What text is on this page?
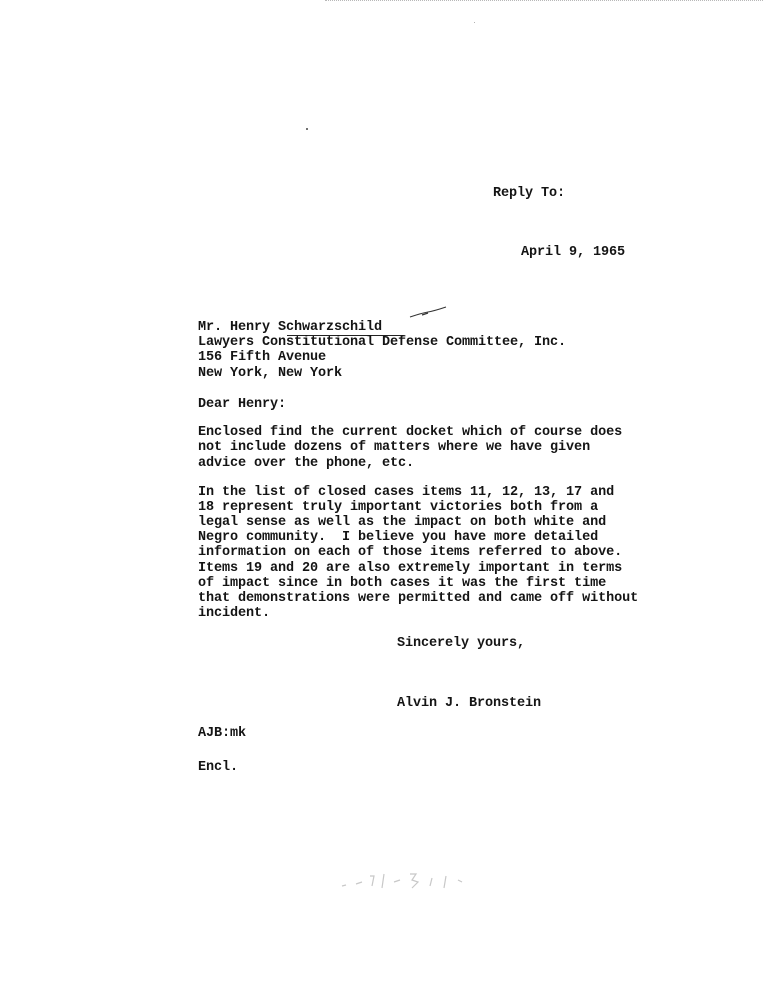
Reply To:
April 9, 1965
Mr. Henry Schwarzschild
Lawyers Constitutional Defense Committee, Inc.
156 Fifth Avenue
New York, New York
Dear Henry:
Enclosed find the current docket which of course does
not include dozens of matters where we have given
advice over the phone, etc.
In the list of closed cases items 11, 12, 13, 17 and
18 represent truly important victories both from a
legal sense as well as the impact on both white and
Negro community.  I believe you have more detailed
information on each of those items referred to above.
Items 19 and 20 are also extremely important in terms
of impact since in both cases it was the first time
that demonstrations were permitted and came off without
incident.
Sincerely yours,
Alvin J. Bronstein
AJB:mk
Encl.
